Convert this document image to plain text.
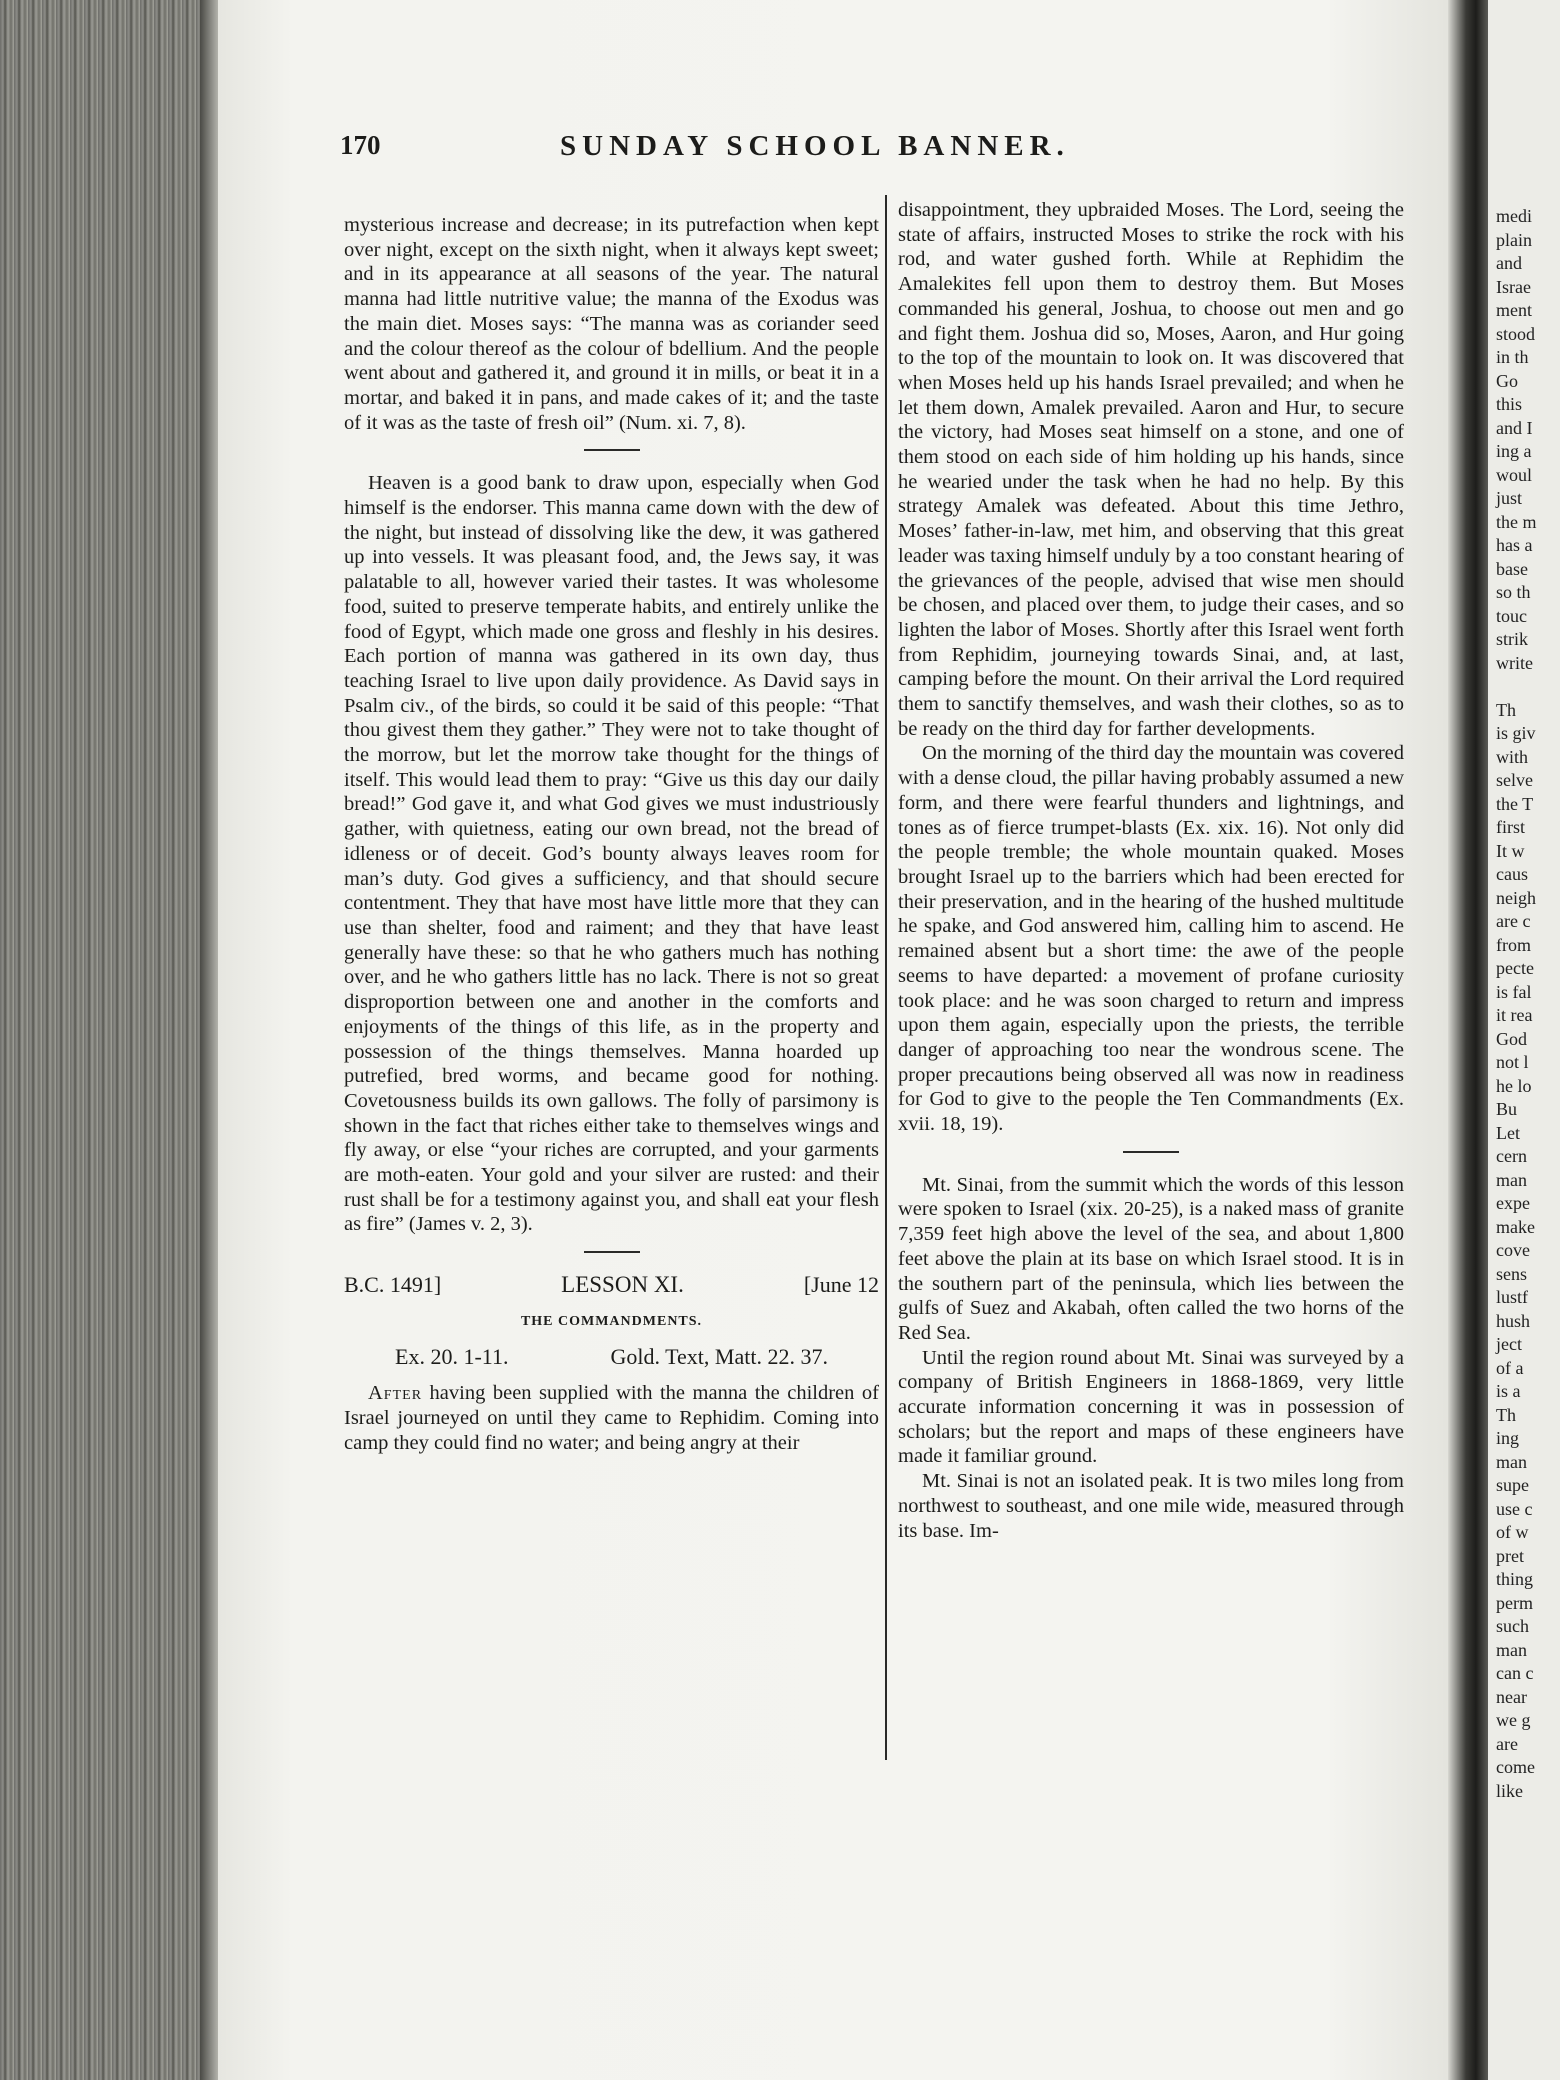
170	SUNDAY SCHOOL BANNER.

mysterious increase and decrease; in its putrefaction when kept over night, except on the sixth night, when it always kept sweet; and in its appearance at all seasons of the year. The natural manna had little nutritive value; the manna of the Exodus was the main diet. Moses says: “The manna was as coriander seed and the colour thereof as the colour of bdellium. And the people went about and gathered it, and ground it in mills, or beat it in a mortar, and baked it in pans, and made cakes of it; and the taste of it was as the taste of fresh oil” (Num. xi. 7, 8).

Heaven is a good bank to draw upon, especially when God himself is the endorser. This manna came down with the dew of the night, but instead of dissolving like the dew, it was gathered up into vessels. It was pleasant food, and, the Jews say, it was palatable to all, however varied their tastes. It was wholesome food, suited to preserve temperate habits, and entirely unlike the food of Egypt, which made one gross and fleshly in his desires. Each portion of manna was gathered in its own day, thus teaching Israel to live upon daily providence. As David says in Psalm civ., of the birds, so could it be said of this people: “That thou givest them they gather.” They were not to take thought of the morrow, but let the morrow take thought for the things of itself. This would lead them to pray: “Give us this day our daily bread!” God gave it, and what God gives we must industriously gather, with quietness, eating our own bread, not the bread of idleness or of deceit. God’s bounty always leaves room for man’s duty. God gives a sufficiency, and that should secure contentment. They that have most have little more that they can use than shelter, food and raiment; and they that have least generally have these: so that he who gathers much has nothing over, and he who gathers little has no lack. There is not so great disproportion between one and another in the comforts and enjoyments of the things of this life, as in the property and possession of the things themselves. Manna hoarded up putrefied, bred worms, and became good for nothing. Covetousness builds its own gallows. The folly of parsimony is shown in the fact that riches either take to themselves wings and fly away, or else “your riches are corrupted, and your garments are moth-eaten. Your gold and your silver are rusted: and their rust shall be for a testimony against you, and shall eat your flesh as fire” (James v. 2, 3).

B.C. 1491]	LESSON XI.	[June 12
THE COMMANDMENTS.
Ex. 20. 1-11.	Gold. Text, Matt. 22. 37.

After having been supplied with the manna the children of Israel journeyed on until they came to Rephidim. Coming into camp they could find no water; and being angry at their

disappointment, they upbraided Moses. The Lord, seeing the state of affairs, instructed Moses to strike the rock with his rod, and water gushed forth. While at Rephidim the Amalekites fell upon them to destroy them. But Moses commanded his general, Joshua, to choose out men and go and fight them. Joshua did so, Moses, Aaron, and Hur going to the top of the mountain to look on. It was discovered that when Moses held up his hands Israel prevailed; and when he let them down, Amalek prevailed. Aaron and Hur, to secure the victory, had Moses seat himself on a stone, and one of them stood on each side of him holding up his hands, since he wearied under the task when he had no help. By this strategy Amalek was defeated. About this time Jethro, Moses’ father-in-law, met him, and observing that this great leader was taxing himself unduly by a too constant hearing of the grievances of the people, advised that wise men should be chosen, and placed over them, to judge their cases, and so lighten the labor of Moses. Shortly after this Israel went forth from Rephidim, journeying towards Sinai, and, at last, camping before the mount. On their arrival the Lord required them to sanctify themselves, and wash their clothes, so as to be ready on the third day for farther developments.

On the morning of the third day the mountain was covered with a dense cloud, the pillar having probably assumed a new form, and there were fearful thunders and lightnings, and tones as of fierce trumpet-blasts (Ex. xix. 16). Not only did the people tremble; the whole mountain quaked. Moses brought Israel up to the barriers which had been erected for their preservation, and in the hearing of the hushed multitude he spake, and God answered him, calling him to ascend. He remained absent but a short time: the awe of the people seems to have departed: a movement of profane curiosity took place: and he was soon charged to return and impress upon them again, especially upon the priests, the terrible danger of approaching too near the wondrous scene. The proper precautions being observed all was now in readiness for God to give to the people the Ten Commandments (Ex. xvii. 18, 19).

Mt. Sinai, from the summit which the words of this lesson were spoken to Israel (xix. 20-25), is a naked mass of granite 7,359 feet high above the level of the sea, and about 1,800 feet above the plain at its base on which Israel stood. It is in the southern part of the peninsula, which lies between the gulfs of Suez and Akabah, often called the two horns of the Red Sea.

Until the region round about Mt. Sinai was surveyed by a company of British Engineers in 1868-1869, very little accurate information concerning it was in possession of scholars; but the report and maps of these engineers have made it familiar ground.

Mt. Sinai is not an isolated peak. It is two miles long from northwest to southeast, and one mile wide, measured through its base. Im-

medi
plain
and
Israe
ment
stood
in th
Go
this
and I
ing a
woul
just
the m
has a
base
so th
touc
strik
write

Th
is giv
with
selve
the T
first
It w
caus
neigh
are c
from
pecte
is fal
it rea
God
not l
he lo
Bu
Let
cern
man
expe
make
cove
sens
lustf
hush
ject
of a
is a
Th
ing
man
supe
use c
of w
pret
thing
perm
such
man
can c
near
we g
are
come
like
